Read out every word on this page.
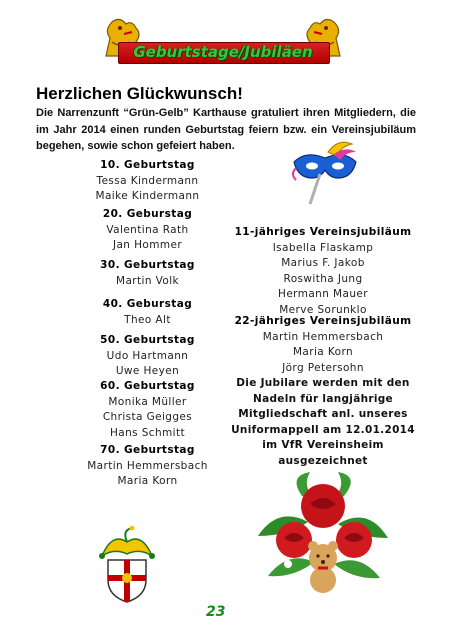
Geburtstage/Jubiläen
Herzlichen Glückwunsch!

Die Narrenzunft “Grün-Gelb” Karthause gratuliert ihren Mitgliedern, die im Jahr 2014 einen runden Geburtstag feiern bzw. ein Vereinsjubiläum begehen, sowie schon gefeiert haben.

10. Geburtstag
Tessa Kindermann
Maike Kindermann
20. Geburstag
Valentina Rath
Jan Hommer
30. Geburtstag
Martin Volk
40. Geburstag
Theo Alt
50. Geburtstag
Udo Hartmann
Uwe Heyen
60. Geburtstag
Monika Müller
Christa Geigges
Hans Schmitt
70. Geburtstag
Martin Hemmersbach
Maria Korn
11-jähriges Vereinsjubiläum
Isabella Flaskamp
Marius F. Jakob
Roswitha Jung
Hermann Mauer
Merve Sorunklo
22-jähriges Vereinsjubiläum
Martin Hemmersbach
Maria Korn
Jörg Petersohn
Die Jubilare werden mit den
Nadeln für langjährige
Mitgliedschaft anl. unseres
Uniformappell am 12.01.2014
im VfR Vereinsheim
ausgezeichnet
23
